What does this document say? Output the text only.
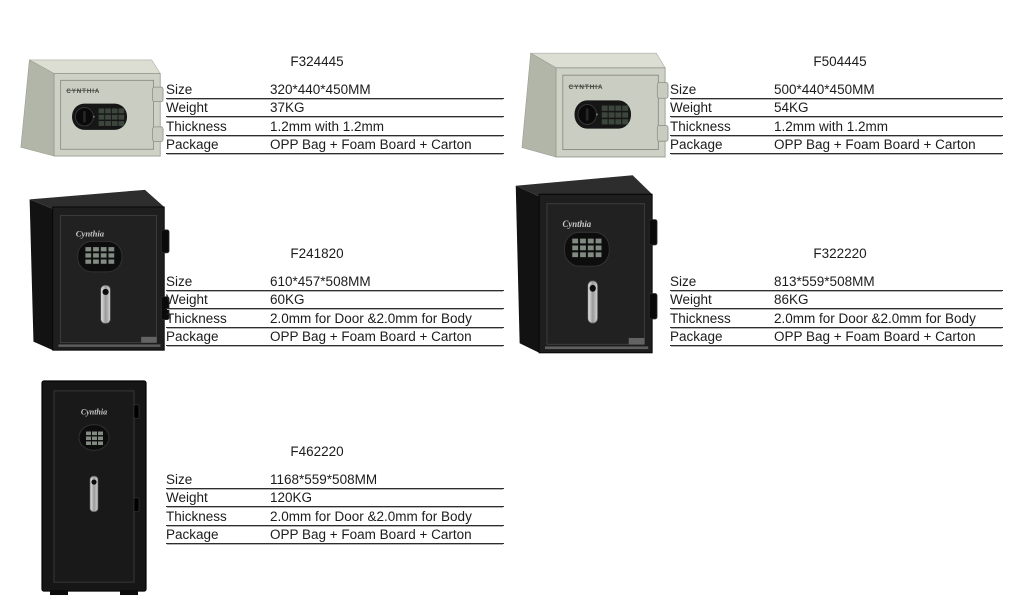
CYNTHIA
F324445
Size	320*440*450MM
Weight	37KG
Thickness	1.2mm with 1.2mm
Package	OPP Bag + Foam Board + Carton
CYNTHIA
F504445
Size	500*440*450MM
Weight	54KG
Thickness	1.2mm with 1.2mm
Package	OPP Bag + Foam Board + Carton
Cynthia
F241820
Size	610*457*508MM
Weight	60KG
Thickness	2.0mm for Door &2.0mm for Body
Package	OPP Bag + Foam Board + Carton
Cynthia
F322220
Size	813*559*508MM
Weight	86KG
Thickness	2.0mm for Door &2.0mm for Body
Package	OPP Bag + Foam Board + Carton
Cynthia
F462220
Size	1168*559*508MM
Weight	120KG
Thickness	2.0mm for Door &2.0mm for Body
Package	OPP Bag + Foam Board + Carton
